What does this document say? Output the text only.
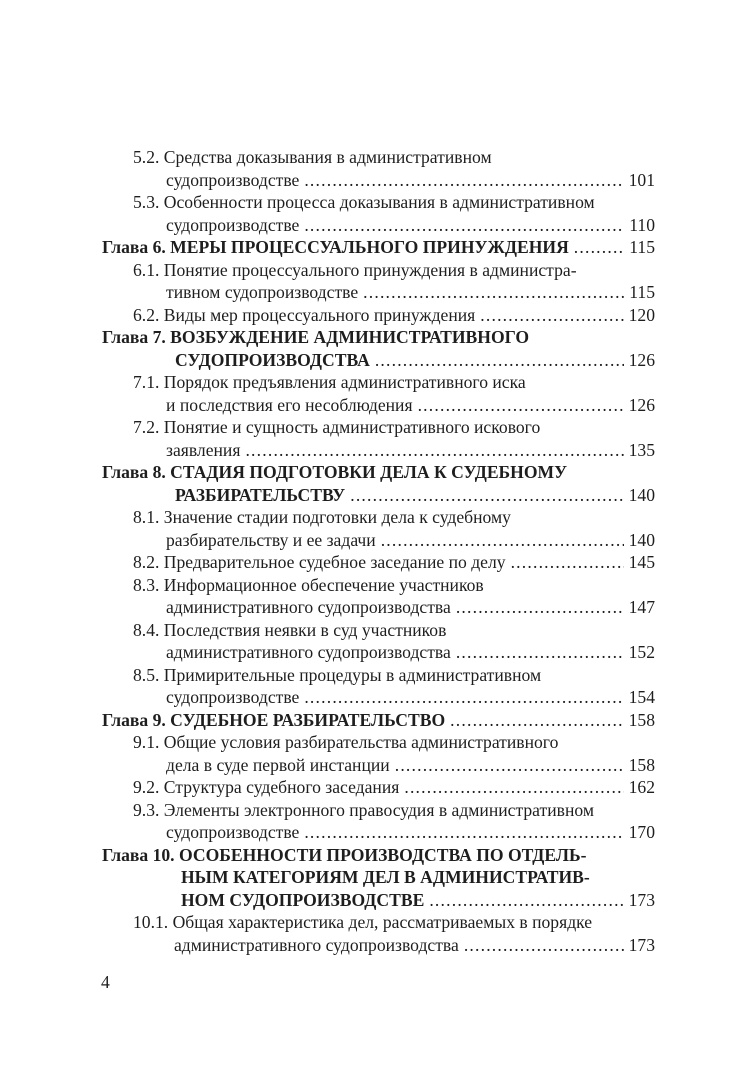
5.2. Средства доказывания в административном
судопроизводстве .....	101
5.3. Особенности процесса доказывания в административном
судопроизводстве .....	110
Глава 6. МЕРЫ ПРОЦЕССУАЛЬНОГО ПРИНУЖДЕНИЯ .....	115
6.1. Понятие процессуального принуждения в администра-
тивном судопроизводстве .....	115
6.2. Виды мер процессуального принуждения .....	120
Глава 7. ВОЗБУЖДЕНИЕ АДМИНИСТРАТИВНОГО
СУДОПРОИЗВОДСТВА .....	126
7.1. Порядок предъявления административного иска
и последствия его несоблюдения .....	126
7.2. Понятие и сущность административного искового
заявления .....	135
Глава 8. СТАДИЯ ПОДГОТОВКИ ДЕЛА К СУДЕБНОМУ
РАЗБИРАТЕЛЬСТВУ .....	140
8.1. Значение стадии подготовки дела к судебному
разбирательству и ее задачи .....	140
8.2. Предварительное судебное заседание по делу .....	145
8.3. Информационное обеспечение участников
административного судопроизводства .....	147
8.4. Последствия неявки в суд участников
административного судопроизводства .....	152
8.5. Примирительные процедуры в административном
судопроизводстве .....	154
Глава 9. СУДЕБНОЕ РАЗБИРАТЕЛЬСТВО .....	158
9.1. Общие условия разбирательства административного
дела в суде первой инстанции .....	158
9.2. Структура судебного заседания .....	162
9.3. Элементы электронного правосудия в административном
судопроизводстве .....	170
Глава 10. ОСОБЕННОСТИ ПРОИЗВОДСТВА ПО ОТДЕЛЬ-
НЫМ КАТЕГОРИЯМ ДЕЛ В АДМИНИСТРАТИВ-
НОМ СУДОПРОИЗВОДСТВЕ .....	173
10.1. Общая характеристика дел, рассматриваемых в порядке
административного судопроизводства .....	173
4
